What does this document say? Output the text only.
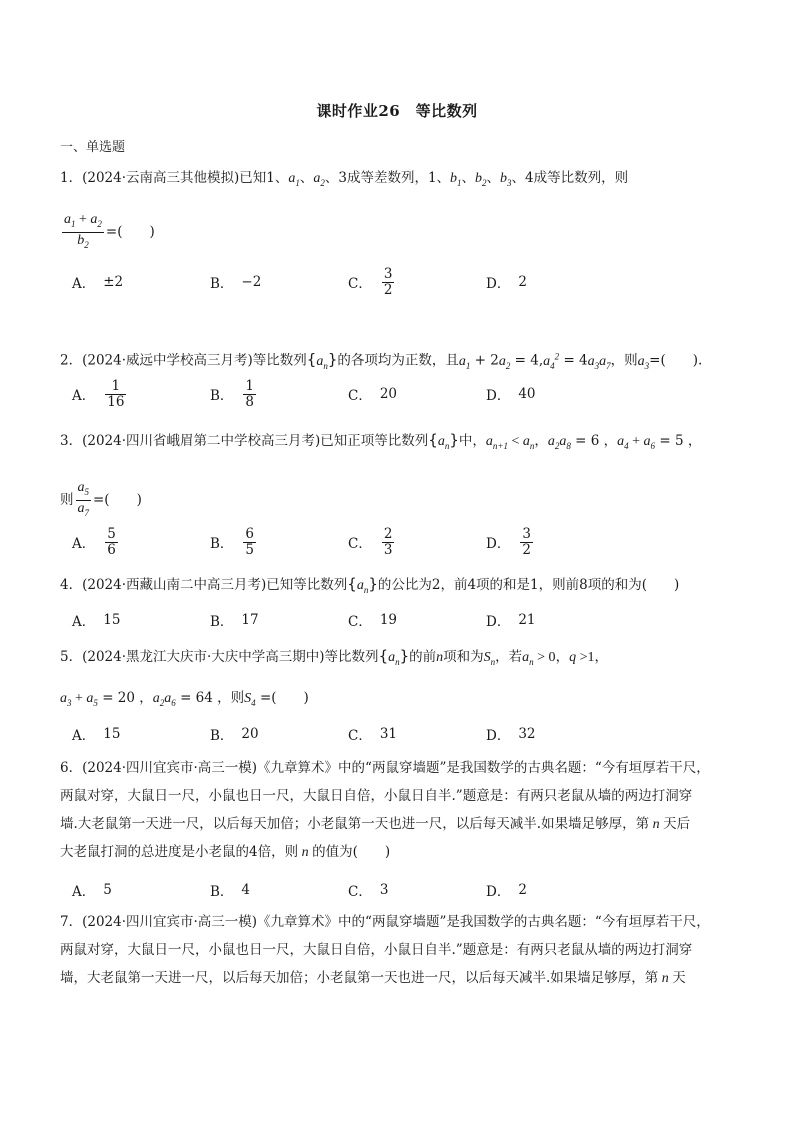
课时作业26　等比数列
一、单选题
1．(2024·云南高三其他模拟)已知1、$a_1$、$a_2$、3成等差数列，1、$b_1$、$b_2$、$b_3$、4成等比数列，则
$\frac{a_1 + a_2}{b_2}$ =(　　)
A． ±2	B． −2	C． $\frac{3}{2}$	D． 2
2．(2024·威远中学校高三月考)等比数列$\{a_n\}$的各项均为正数，且$a_1 + 2a_2 = 4,a_4^2 = 4a_3a_7$，则$a_3=$(　　).
A． $\frac{1}{16}$	B． $\frac{1}{8}$	C． 20	D． 40
3．(2024·四川省峨眉第二中学校高三月考)已知正项等比数列$\{a_n\}$中，$a_{n+1} < a_n$，$a_2a_8 = 6$ ，$a_4 + a_6 = 5$ ，
则 $\frac{a_5}{a_7}$ =(　　)
A． $\frac{5}{6}$	B． $\frac{6}{5}$	C． $\frac{2}{3}$	D． $\frac{3}{2}$
4．(2024·西藏山南二中高三月考)已知等比数列$\{a_n\}$的公比为2，前4项的和是1，则前8项的和为(　　)
A． 15	B． 17	C． 19	D． 21
5．(2024·黑龙江大庆市·大庆中学高三期中)等比数列$\{a_n\}$的前n项和为$S_n$，若$a_n > 0$，q >1，
$a_3 + a_5 = 20$ ，$a_2a_6 = 64$ ，则$S_4$ =(　　)
A． 15	B． 20	C． 31	D． 32
6．(2024·四川宜宾市·高三一模)《九章算术》中的“两鼠穿墙题”是我国数学的古典名题：“今有垣厚若干尺，
两鼠对穿，大鼠日一尺，小鼠也日一尺，大鼠日自倍，小鼠日自半.”题意是：有两只老鼠从墙的两边打洞穿
墙.大老鼠第一天进一尺，以后每天加倍；小老鼠第一天也进一尺，以后每天减半.如果墙足够厚，第 n 天后
大老鼠打洞的总进度是小老鼠的4倍，则 n 的值为(　　)
A． 5	B． 4	C． 3	D． 2
7．(2024·四川宜宾市·高三一模)《九章算术》中的“两鼠穿墙题”是我国数学的古典名题：“今有垣厚若干尺，
两鼠对穿，大鼠日一尺，小鼠也日一尺，大鼠日自倍，小鼠日自半.”题意是：有两只老鼠从墙的两边打洞穿
墙，大老鼠第一天进一尺，以后每天加倍；小老鼠第一天也进一尺，以后每天减半.如果墙足够厚，第 n 天
